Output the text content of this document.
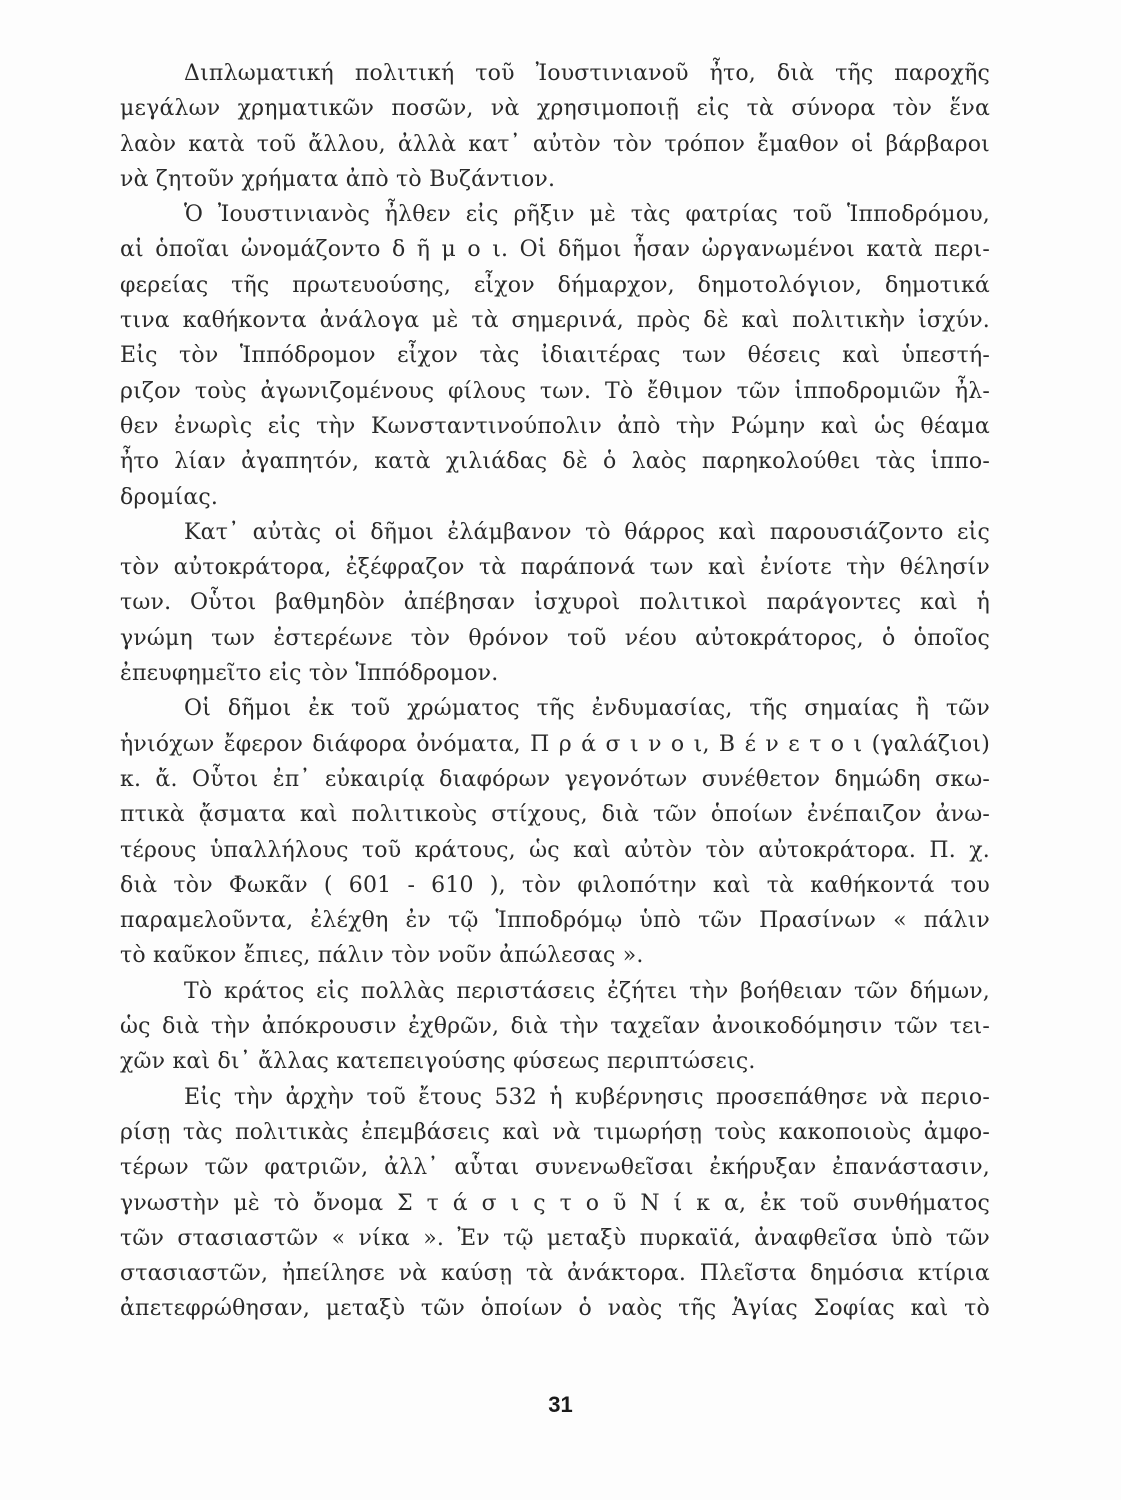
Διπλωματική πολιτική τοῦ Ἰουστινιανοῦ ἦτο, διὰ τῆς παροχῆς
μεγάλων χρηματικῶν ποσῶν, νὰ χρησιμοποιῇ εἰς τὰ σύνορα τὸν ἕνα
λαὸν κατὰ τοῦ ἄλλου, ἀλλὰ κατ᾽ αὐτὸν τὸν τρόπον ἔμαθον οἱ βάρβαροι
νὰ ζητοῦν χρήματα ἀπὸ τὸ Βυζάντιον.
Ὁ Ἰουστινιανὸς ἦλθεν εἰς ρῆξιν μὲ τὰς φατρίας τοῦ Ἱπποδρόμου,
αἱ ὁποῖαι ὠνομάζοντο δ ῆ μ ο ι. Οἱ δῆμοι ἦσαν ὠργανωμένοι κατὰ περι-
φερείας τῆς πρωτευούσης, εἶχον δήμαρχον, δημοτολόγιον, δημοτικά
τινα καθήκοντα ἀνάλογα μὲ τὰ σημερινά, πρὸς δὲ καὶ πολιτικὴν ἰσχύν.
Εἰς τὸν Ἱππόδρομον εἶχον τὰς ἰδιαιτέρας των θέσεις καὶ ὑπεστή-
ριζον τοὺς ἀγωνιζομένους φίλους των. Τὸ ἔθιμον τῶν ἱπποδρομιῶν ἦλ-
θεν ἐνωρὶς εἰς τὴν Κωνσταντινούπολιν ἀπὸ τὴν Ρώμην καὶ ὡς θέαμα
ἦτο λίαν ἀγαπητόν, κατὰ χιλιάδας δὲ ὁ λαὸς παρηκολούθει τὰς ἱππο-
δρομίας.
Κατ᾽ αὐτὰς οἱ δῆμοι ἐλάμβανον τὸ θάρρος καὶ παρουσιάζοντο εἰς
τὸν αὐτοκράτορα, ἐξέφραζον τὰ παράπονά των καὶ ἐνίοτε τὴν θέλησίν
των. Οὗτοι βαθμηδὸν ἀπέβησαν ἰσχυροὶ πολιτικοὶ παράγοντες καὶ ἡ
γνώμη των ἐστερέωνε τὸν θρόνον τοῦ νέου αὐτοκράτορος, ὁ ὁποῖος
ἐπευφημεῖτο εἰς τὸν Ἱππόδρομον.
Οἱ δῆμοι ἐκ τοῦ χρώματος τῆς ἐνδυμασίας, τῆς σημαίας ἢ τῶν
ἡνιόχων ἔφερον διάφορα ὀνόματα, Π ρ ά σ ι ν ο ι, Β έ ν ε τ ο ι (γαλάζιοι)
κ. ἄ. Οὗτοι ἐπ᾽ εὐκαιρίᾳ διαφόρων γεγονότων συνέθετον δημώδη σκω-
πτικὰ ᾄσματα καὶ πολιτικοὺς στίχους, διὰ τῶν ὁποίων ἐνέπαιζον ἀνω-
τέρους ὑπαλλήλους τοῦ κράτους, ὡς καὶ αὐτὸν τὸν αὐτοκράτορα. Π. χ.
διὰ τὸν Φωκᾶν ( 601 - 610 ), τὸν φιλοπότην καὶ τὰ καθήκοντά του
παραμελοῦντα, ἐλέχθη ἐν τῷ Ἱπποδρόμῳ ὑπὸ τῶν Πρασίνων « πάλιν
τὸ καῦκον ἔπιες, πάλιν τὸν νοῦν ἀπώλεσας ».
Τὸ κράτος εἰς πολλὰς περιστάσεις ἐζήτει τὴν βοήθειαν τῶν δήμων,
ὡς διὰ τὴν ἀπόκρουσιν ἐχθρῶν, διὰ τὴν ταχεῖαν ἀνοικοδόμησιν τῶν τει-
χῶν καὶ δι᾽ ἄλλας κατεπειγούσης φύσεως περιπτώσεις.
Εἰς τὴν ἀρχὴν τοῦ ἔτους 532 ἡ κυβέρνησις προσεπάθησε νὰ περιο-
ρίσῃ τὰς πολιτικὰς ἐπεμβάσεις καὶ νὰ τιμωρήσῃ τοὺς κακοποιοὺς ἀμφο-
τέρων τῶν φατριῶν, ἀλλ᾽ αὗται συνενωθεῖσαι ἐκήρυξαν ἐπανάστασιν,
γνωστὴν μὲ τὸ ὄνομα Σ τ ά σ ι ς τ ο ῦ Ν ί κ α, ἐκ τοῦ συνθήματος
τῶν στασιαστῶν « νίκα ». Ἐν τῷ μεταξὺ πυρκαϊά, ἀναφθεῖσα ὑπὸ τῶν
στασιαστῶν, ἠπείλησε νὰ καύσῃ τὰ ἀνάκτορα. Πλεῖστα δημόσια κτίρια
ἀπετεφρώθησαν, μεταξὺ τῶν ὁποίων ὁ ναὸς τῆς Ἁγίας Σοφίας καὶ τὸ
31
